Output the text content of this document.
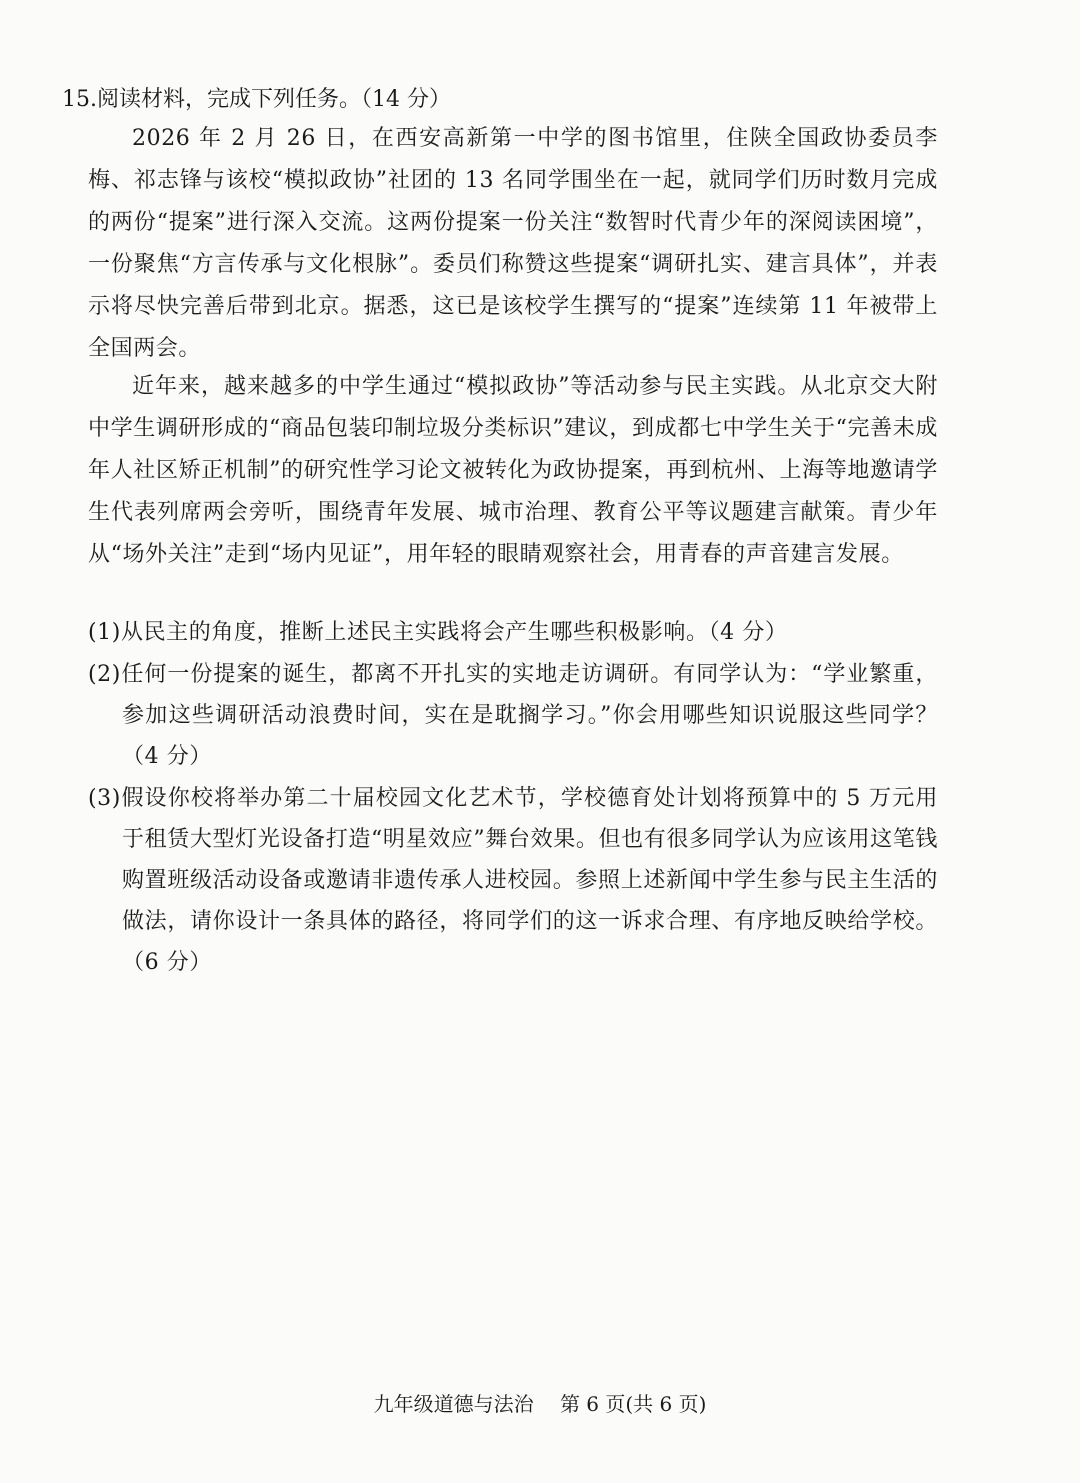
15.阅读材料，完成下列任务。（14 分）
2026 年 2 月 26 日，在西安高新第一中学的图书馆里，住陕全国政协委员李梅、祁志锋与该校“模拟政协”社团的 13 名同学围坐在一起，就同学们历时数月完成的两份“提案”进行深入交流。这两份提案一份关注“数智时代青少年的深阅读困境”，一份聚焦“方言传承与文化根脉”。委员们称赞这些提案“调研扎实、建言具体”，并表示将尽快完善后带到北京。据悉，这已是该校学生撰写的“提案”连续第 11 年被带上全国两会。
近年来，越来越多的中学生通过“模拟政协”等活动参与民主实践。从北京交大附中学生调研形成的“商品包装印制垃圾分类标识”建议，到成都七中学生关于“完善未成年人社区矫正机制”的研究性学习论文被转化为政协提案，再到杭州、上海等地邀请学生代表列席两会旁听，围绕青年发展、城市治理、教育公平等议题建言献策。青少年从“场外关注”走到“场内见证”，用年轻的眼睛观察社会，用青春的声音建言发展。
(1)从民主的角度，推断上述民主实践将会产生哪些积极影响。（4 分）
(2)任何一份提案的诞生，都离不开扎实的实地走访调研。有同学认为：“学业繁重，参加这些调研活动浪费时间，实在是耽搁学习。”你会用哪些知识说服这些同学？（4 分）
(3)假设你校将举办第二十届校园文化艺术节，学校德育处计划将预算中的 5 万元用于租赁大型灯光设备打造“明星效应”舞台效果。但也有很多同学认为应该用这笔钱购置班级活动设备或邀请非遗传承人进校园。参照上述新闻中学生参与民主生活的做法，请你设计一条具体的路径，将同学们的这一诉求合理、有序地反映给学校。（6 分）
九年级道德与法治 第 6 页(共 6 页)
